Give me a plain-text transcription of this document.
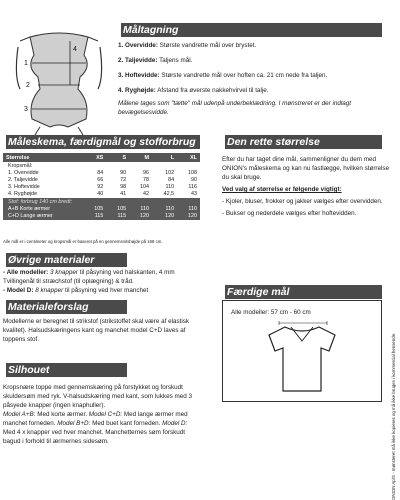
Måltagning
1
2
3
4
1. Overvidde: Største vandrette mål over brystet.
2. Taljevidde: Taljens mål.
3. Hoftevidde: Største vandrette mål over hoften ca. 21 cm nede fra taljen.
4. Ryghøjde: Afstand fra øverste nakkehvirvel til talje.
Målene tages som "tætte" mål udenpå underbeklædning. I mønstreret er der indlagt bevægelsesvidde.
Måleskema, færdigmål og stofforbrug
Størrelse	XS	S	M	L	XL
Kropsmål:					
1. Overvidde	84	90	96	102	108
2. Taljevidde	66	72	78	84	90
3. Hoftevidde	92	98	104	110	116
4. Ryghøjde	40	41	42	42,5	43
Stof: forbrug 140 cm bredt:					
A+B Korte ærmer	105	105	110	110	110
C+D Lange ærmer	115	115	120	120	120
Alle mål er i centimeter og kropsmål er baseret på en gennemsnitshøjde på 168 cm.
Den rette størrelse

Efter du har taget dine mål, sammenligner du dem med ONION's måleskema og kan nu fastlægge, hvilken størrelse du skal bruge.

Ved valg af størrelse er følgende vigtigt:

- Kjoler, bluser, frokker og jakker vælges efter overvidden.

- Bukser og nederdele vælges efter hoftevidden.

Øvrige materialer
- Alle modeller: 3 knapper til påsyning ved halskanten, 4 mm Tvillingenål til stræchstof (til oplægning) & tråd.
- Model D: 8 knapper til påsyning ved hver manchet
Materialeforslag
Modellerne er beregnet til strikstof (strikstoffet skal være af elastisk kvalitet). Halsudskæringens kant og manchet model C+D laves af toppens stof.
Silhouet

Kropsnære toppe med gennemskæring på forstykket og forskudt skuldersøm med ryk. V-halsudskæring med kant, som lukkes med 3 påsyede knapper (ingen knaphuller).

Model A+B: Med korte ærmer. Model C+D: Med lange ærmer med manchet forneden. Model B+D: Med buet kant forneden. Model D: Med 4 x knapper ved hver manchet. Manchetternes søm forskudt bagud i forhold til ærmernes sidesøm.

Færdige mål
Alle modeller: 57 cm - 60 cm
ONION Ap/S - mønsteret må ikke kopieres og må ikke bruges i kommercial hensende.
